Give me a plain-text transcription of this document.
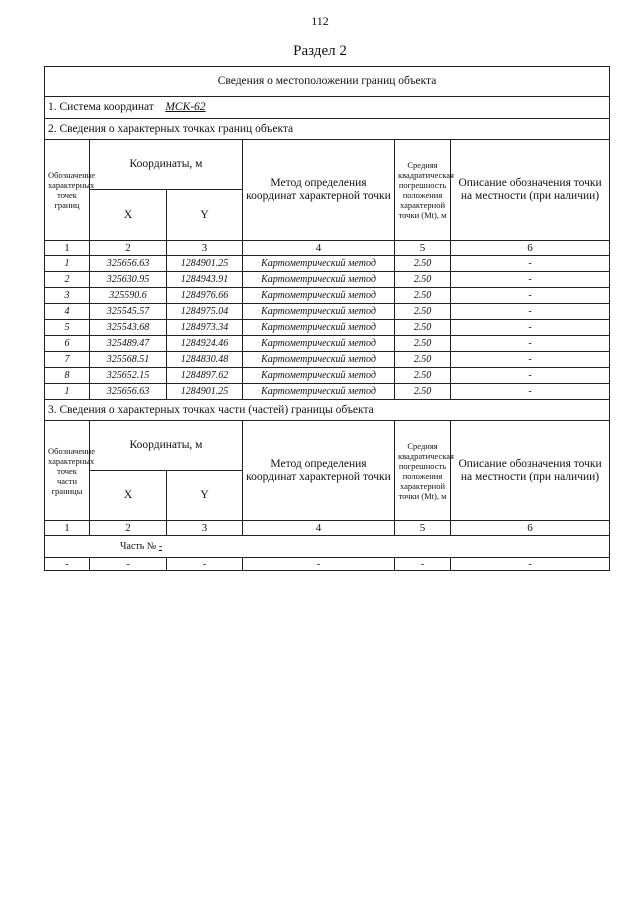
112
Раздел 2
Сведения о местоположении границ объекта					
1. Система координат МСК-62					
2. Сведения о характерных точках границ объекта					
Обозначение характерных точек границ	Координаты, м		Метод определения координат характерной точки	Средняя квадратическая погрешность положения характерной точки (Mt), м	Описание обозначения точки на местности (при наличии)
	X	Y			
1	2	3	4	5	6
1	325656.63	1284901.25	Картометрический метод	2.50	-
2	325630.95	1284943.91	Картометрический метод	2.50	-
3	325590.6	1284976.66	Картометрический метод	2.50	-
4	325545.57	1284975.04	Картометрический метод	2.50	-
5	325543.68	1284973.34	Картометрический метод	2.50	-
6	325489.47	1284924.46	Картометрический метод	2.50	-
7	325568.51	1284830.48	Картометрический метод	2.50	-
8	325652.15	1284897.62	Картометрический метод	2.50	-
1	325656.63	1284901.25	Картометрический метод	2.50	-
3. Сведения о характерных точках части (частей) границы объекта					
Обозначение характерных точек части границы	Координаты, м		Метод определения координат характерной точки	Средняя квадратическая погрешность положения характерной точки (Mt), м	Описание обозначения точки на местности (при наличии)
	X	Y			
1	2	3	4	5	6
Часть № -					
-	-	-	-	-	-
